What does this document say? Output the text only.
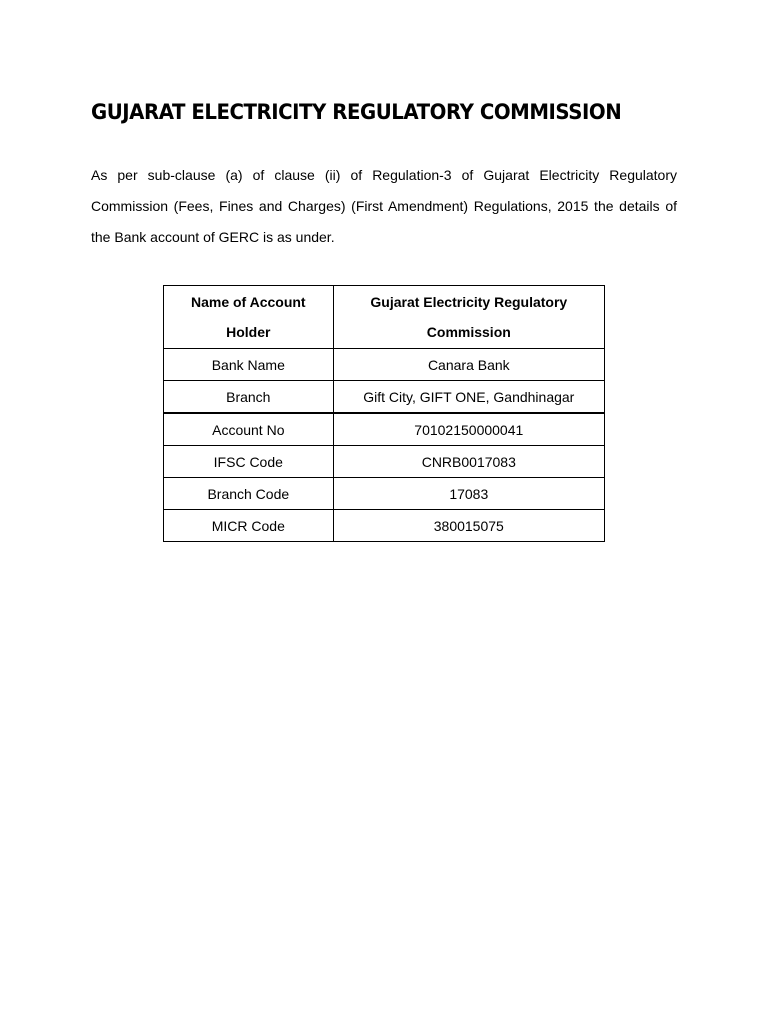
GUJARAT ELECTRICITY REGULATORY COMMISSION

As per sub-clause (a) of clause (ii) of Regulation-3 of Gujarat Electricity Regulatory Commission (Fees, Fines and Charges) (First Amendment) Regulations, 2015 the details of the Bank account of GERC is as under.

Name of Account Holder	Gujarat Electricity Regulatory Commission
Bank Name	Canara Bank
Branch	Gift City, GIFT ONE, Gandhinagar
Account No	70102150000041
IFSC Code	CNRB0017083
Branch Code	17083
MICR Code	380015075
